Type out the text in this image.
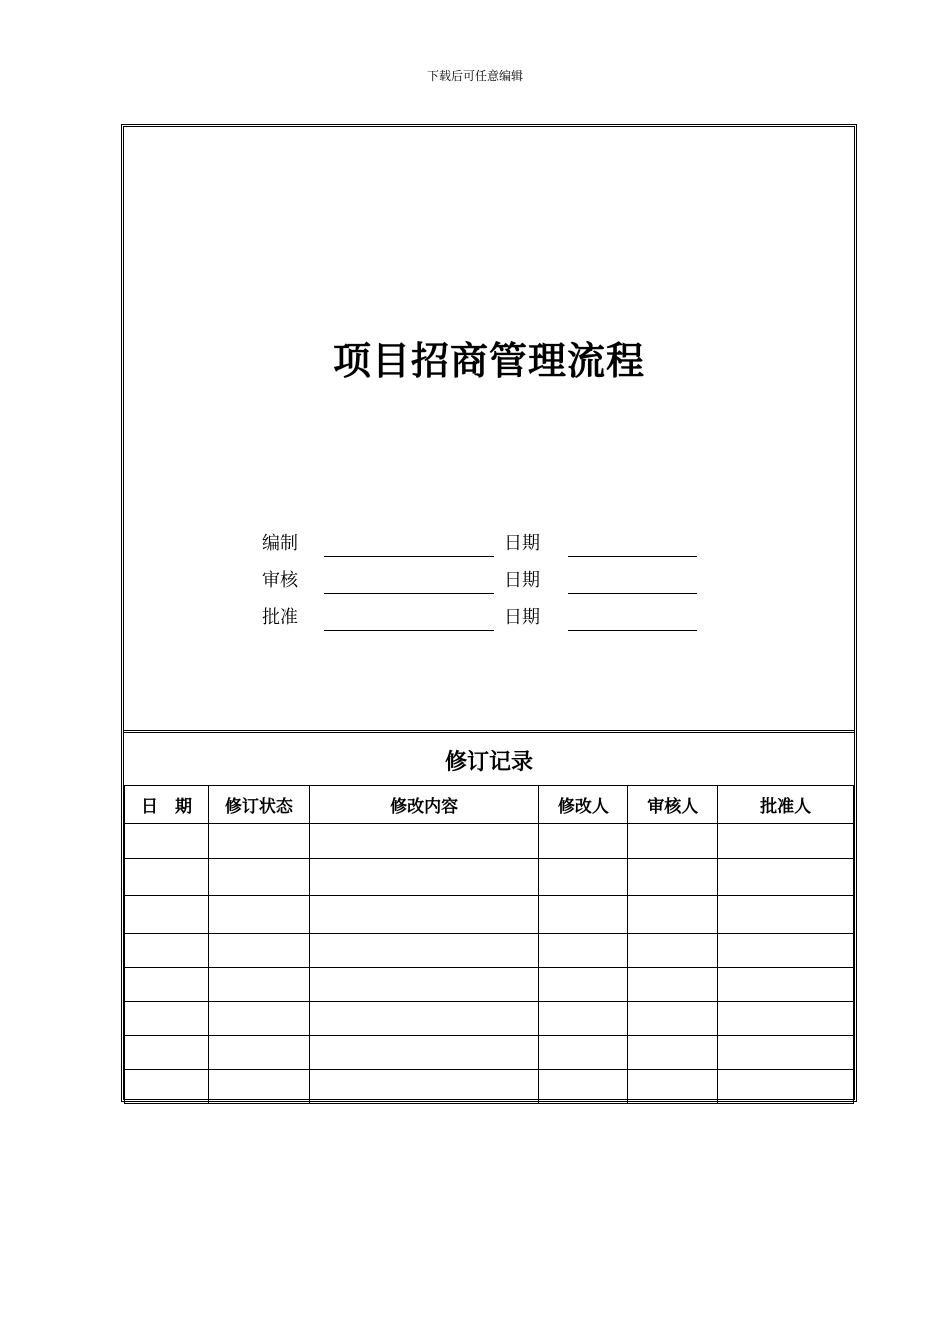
下载后可任意编辑
项目招商管理流程
编制	日期
审核	日期
批准	日期
修订记录
日　期	修订状态	修改内容	修改人	审核人	批准人
